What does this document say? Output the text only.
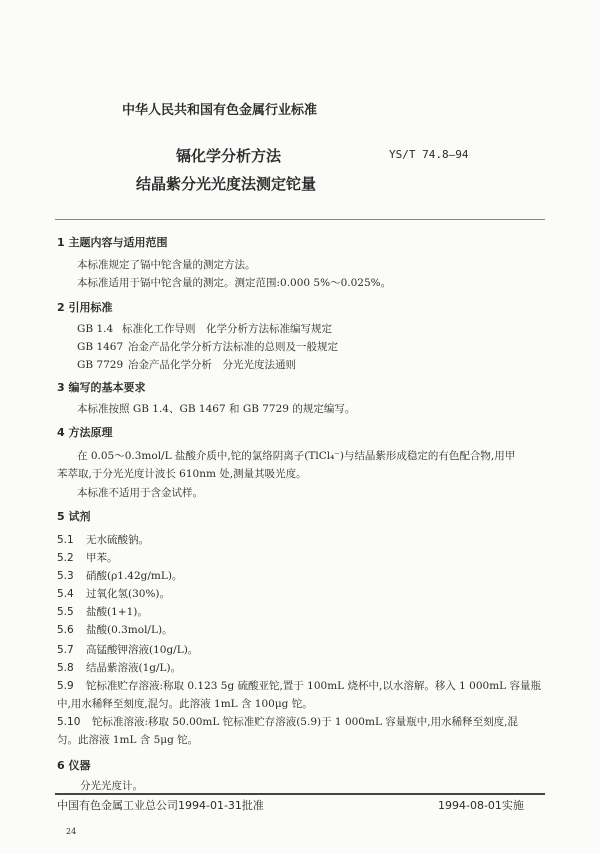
中华人民共和国有色金属行业标准
YS/T 74.8—94
镉化学分析方法
结晶紫分光光度法测定铊量
1 主题内容与适用范围
本标准规定了镉中铊含量的测定方法。
本标准适用于镉中铊含量的测定。测定范围:0.000 5%～0.025%。
2 引用标准
GB 1.4 标准化工作导则　化学分析方法标准编写规定
GB 1467 冶金产品化学分析方法标准的总则及一般规定
GB 7729 冶金产品化学分析　分光光度法通则
3 编写的基本要求
本标准按照 GB 1.4、GB 1467 和 GB 7729 的规定编写。
4 方法原理
在 0.05～0.3mol/L 盐酸介质中,铊的氯络阴离子(TlCl₄⁻)与结晶紫形成稳定的有色配合物,用甲
苯萃取,于分光光度计波长 610nm 处,测量其吸光度。
本标准不适用于含金试样。
5 试剂
5.1 无水硫酸钠。
5.2 甲苯。
5.3 硝酸(ρ1.42g/mL)。
5.4 过氧化氢(30%)。
5.5 盐酸(1+1)。
5.6 盐酸(0.3mol/L)。
5.7 高锰酸钾溶液(10g/L)。
5.8 结晶紫溶液(1g/L)。
5.9 铊标准贮存溶液:称取 0.123 5g 硫酸亚铊,置于 100mL 烧杯中,以水溶解。移入 1 000mL 容量瓶
中,用水稀释至刻度,混匀。此溶液 1mL 含 100μg 铊。
5.10 铊标准溶液:移取 50.00mL 铊标准贮存溶液(5.9)于 1 000mL 容量瓶中,用水稀释至刻度,混
匀。此溶液 1mL 含 5μg 铊。
6 仪器
分光光度计。
中国有色金属工业总公司1994-01-31批准	1994-08-01实施
24
